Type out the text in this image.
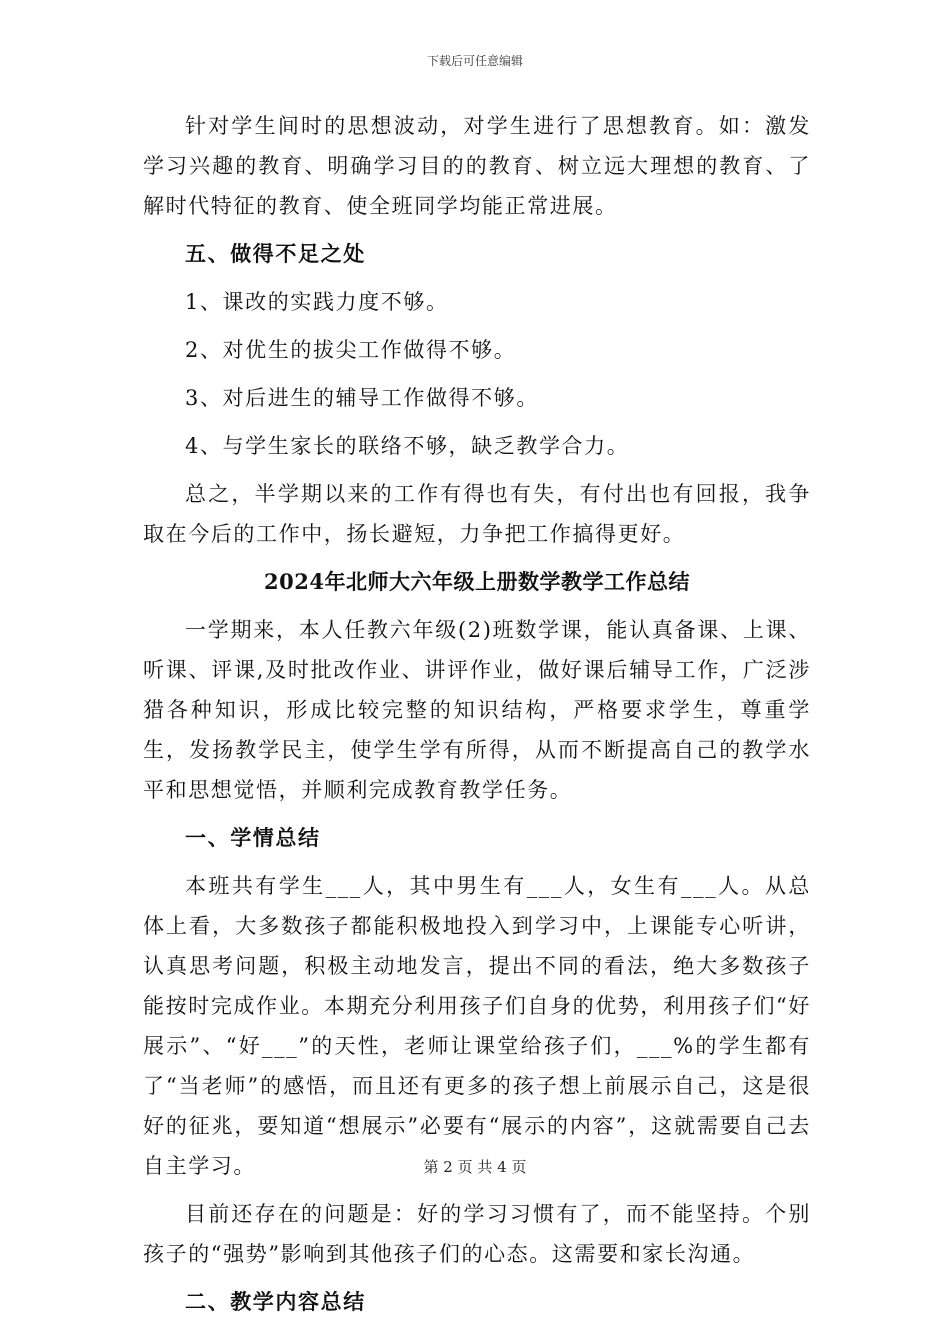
下载后可任意编辑

针对学生间时的思想波动，对学生进行了思想教育。如：激发学习兴趣的教育、明确学习目的的教育、树立远大理想的教育、了解时代特征的教育、使全班同学均能正常进展。

五、做得不足之处

1、课改的实践力度不够。

2、对优生的拔尖工作做得不够。

3、对后进生的辅导工作做得不够。

4、与学生家长的联络不够，缺乏教学合力。

总之，半学期以来的工作有得也有失，有付出也有回报，我争取在今后的工作中，扬长避短，力争把工作搞得更好。

2024年北师大六年级上册数学教学工作总结

一学期来，本人任教六年级(2)班数学课，能认真备课、上课、听课、评课,及时批改作业、讲评作业，做好课后辅导工作，广泛涉猎各种知识，形成比较完整的知识结构，严格要求学生，尊重学生，发扬教学民主，使学生学有所得，从而不断提高自己的教学水平和思想觉悟，并顺利完成教育教学任务。

一、学情总结

本班共有学生___人，其中男生有___人，女生有___人。从总体上看，大多数孩子都能积极地投入到学习中，上课能专心听讲，认真思考问题，积极主动地发言，提出不同的看法，绝大多数孩子能按时完成作业。本期充分利用孩子们自身的优势，利用孩子们“好展示”、“好___”的天性，老师让课堂给孩子们，___%的学生都有了“当老师”的感悟，而且还有更多的孩子想上前展示自己，这是很好的征兆，要知道“想展示”必要有“展示的内容”，这就需要自己去自主学习。

目前还存在的问题是：好的学习习惯有了，而不能坚持。个别孩子的“强势”影响到其他孩子们的心态。这需要和家长沟通。

二、教学内容总结

第 2 页 共 4 页
